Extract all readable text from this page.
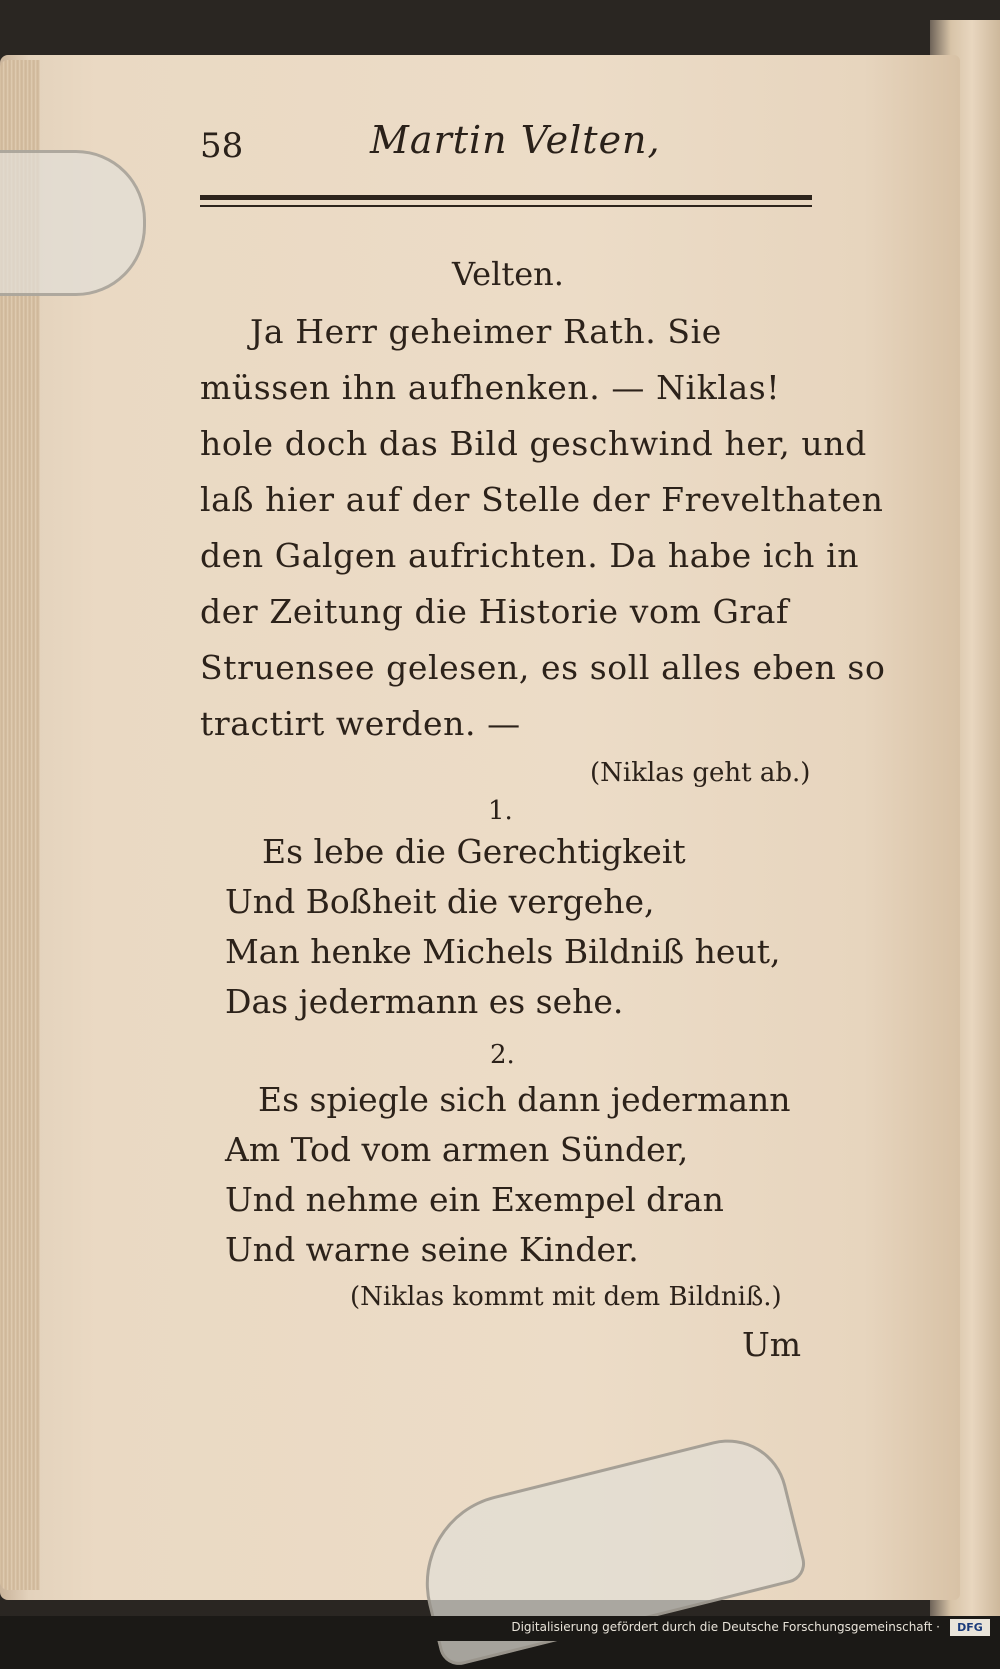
58	Martin Velten,
Velten.
Ja Herr geheimer Rath. Sie
müssen ihn aufhenken. — Niklas!
hole doch das Bild geschwind her, und
laß hier auf der Stelle der Frevelthaten
den Galgen aufrichten. Da habe ich in
der Zeitung die Historie vom Graf
Struensee gelesen, es soll alles eben so
tractirt werden. —
(Niklas geht ab.)
1.
Es lebe die Gerechtigkeit
Und Boßheit die vergehe,
Man henke Michels Bildniß heut,
Das jedermann es sehe.
2.
Es spiegle sich dann jedermann
Am Tod vom armen Sünder,
Und nehme ein Exempel dran
Und warne seine Kinder.
(Niklas kommt mit dem Bildniß.)
Um
Digitalisierung gefördert durch die Deutsche Forschungsgemeinschaft ·	DFG
